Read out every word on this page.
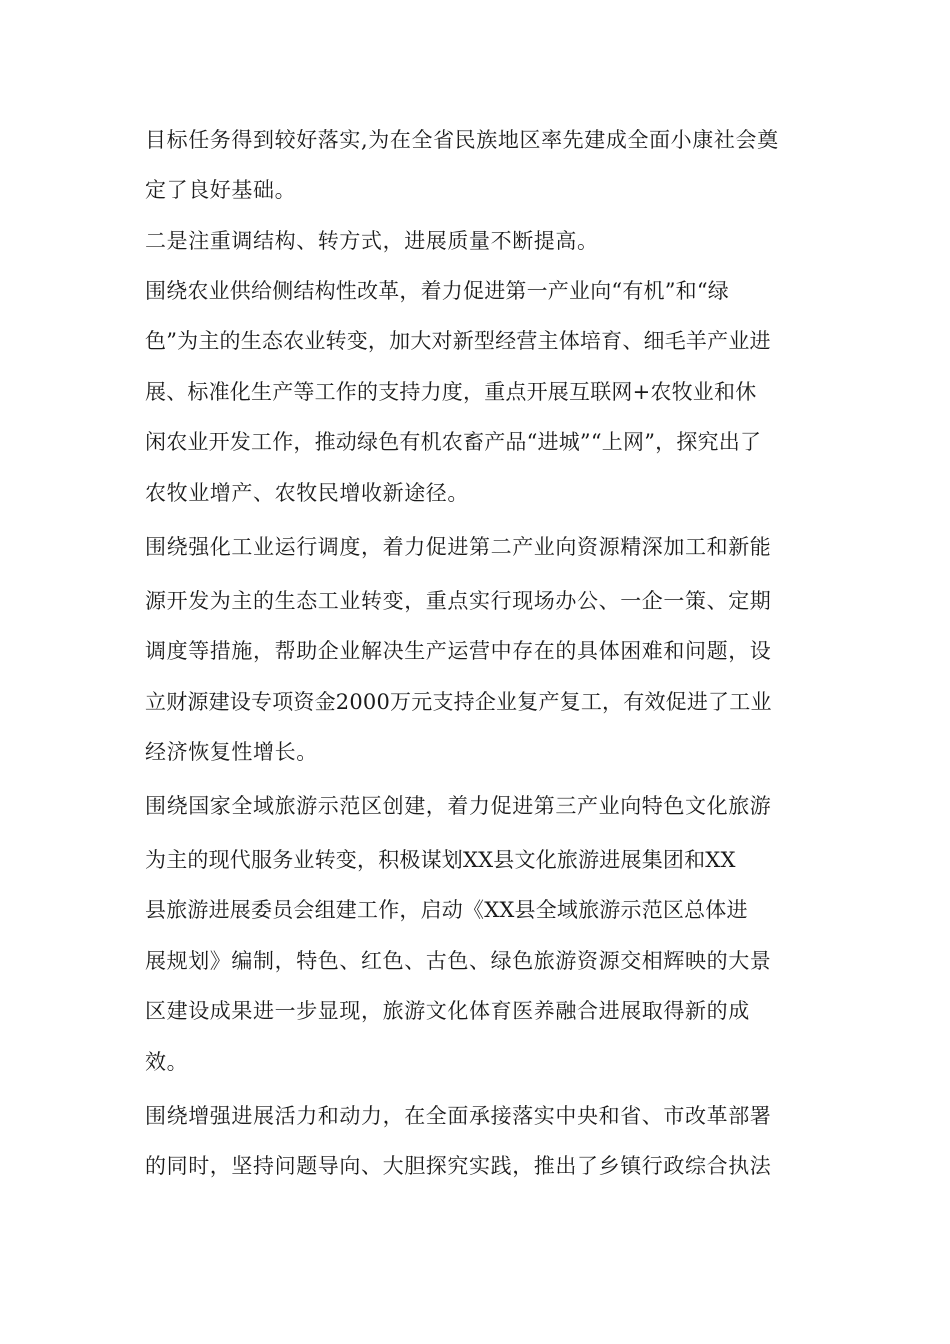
目标任务得到较好落实,为在全省民族地区率先建成全面小康社会奠
定了良好基础。
二是注重调结构、转方式，进展质量不断提高。
围绕农业供给侧结构性改革，着力促进第一产业向“有机”和“绿
色”为主的生态农业转变，加大对新型经营主体培育、细毛羊产业进
展、标准化生产等工作的支持力度，重点开展互联网+农牧业和休
闲农业开发工作，推动绿色有机农畜产品“进城”“上网”，探究出了
农牧业增产、农牧民增收新途径。
围绕强化工业运行调度，着力促进第二产业向资源精深加工和新能
源开发为主的生态工业转变，重点实行现场办公、一企一策、定期
调度等措施，帮助企业解决生产运营中存在的具体困难和问题，设
立财源建设专项资金2000万元支持企业复产复工，有效促进了工业
经济恢复性增长。
围绕国家全域旅游示范区创建，着力促进第三产业向特色文化旅游
为主的现代服务业转变，积极谋划XX县文化旅游进展集团和XX
县旅游进展委员会组建工作，启动《XX县全域旅游示范区总体进
展规划》编制，特色、红色、古色、绿色旅游资源交相辉映的大景
区建设成果进一步显现，旅游文化体育医养融合进展取得新的成
效。
围绕增强进展活力和动力，在全面承接落实中央和省、市改革部署
的同时，坚持问题导向、大胆探究实践，推出了乡镇行政综合执法
